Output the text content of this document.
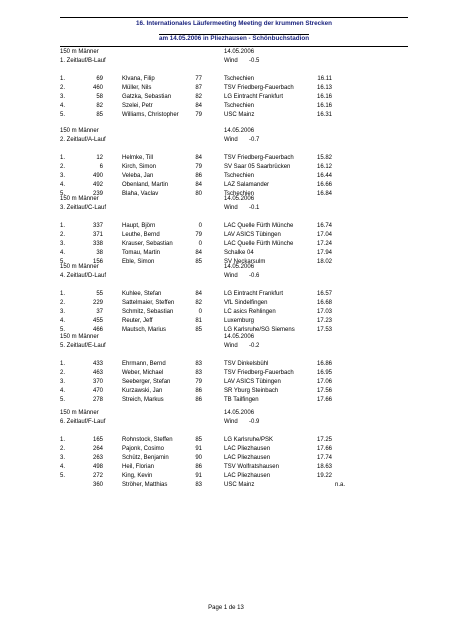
16. Internationales Läufermeeting Meeting der krummen Strecken
am 14.05.2006 in Pliezhausen - Schönbuchstadion
150 m Männer	14.05.2006
1. Zeitlauf/B-Lauf	Wind -0.5
1.	69	Klvana, Filip	77	Tschechien	16.11
2.	460	Müller, Nils	87	TSV Friedberg-Fauerbach	16.13
3.	58	Gatzka, Sebastian	82	LG Eintracht Frankfurt	16.16
4.	82	Szelei, Petr	84	Tschechien	16.16
5.	85	Williams, Christopher	79	USC Mainz	16.31
150 m Männer	14.05.2006
2. Zeitlauf/A-Lauf	Wind -0.7
1.	12	Helmke, Till	84	TSV Friedberg-Fauerbach	15.82
2.	6	Kirch, Simon	79	SV Saar 05 Saarbrücken	16.12
3.	490	Veleba, Jan	86	Tschechien	16.44
4.	492	Obenland, Martin	84	LAZ Salamander	16.66
5.	239	Blaha, Vaclav	80	Tschechien	16.84
150 m Männer	14.05.2006
3. Zeitlauf/C-Lauf	Wind -0.1
1.	337	Haupt, Björn	0	LAC Quelle Fürth Münche	16.74
2.	371	Leuthe, Bernd	79	LAV ASICS Tübingen	17.04
3.	338	Krauser, Sebastian	0	LAC Quelle Fürth Münche	17.24
4.	38	Tomau, Martin	84	Schalke 04	17.94
5.	156	Eble, Simon	85	SV Neckarsulm	18.02
150 m Männer	14.05.2006
4. Zeitlauf/D-Lauf	Wind -0.6
1.	55	Kuhlee, Stefan	84	LG Eintracht Frankfurt	16.57
2.	229	Sattelmaier, Steffen	82	VfL Sindelfingen	16.68
3.	37	Schmitz, Sebastian	0	LC asics Rehlingen	17.03
4.	455	Reuter, Jeff	81	Luxemburg	17.23
5.	466	Mautsch, Marius	85	LG Karlsruhe/SG Siemens	17.53
150 m Männer	14.05.2006
5. Zeitlauf/E-Lauf	Wind -0.2
1.	433	Ehrmann, Bernd	83	TSV Dinkelsbühl	16.86
2.	463	Weber, Michael	83	TSV Friedberg-Fauerbach	16.95
3.	370	Seeberger, Stefan	79	LAV ASICS Tübingen	17.06
4.	470	Kurzawski, Jan	86	SR Yburg Steinbach	17.56
5.	278	Streich, Markus	86	TB Tailfingen	17.66
150 m Männer	14.05.2006
6. Zeitlauf/F-Lauf	Wind -0.9
1.	165	Rohnstock, Steffen	85	LG Karlsruhe/PSK	17.25
2.	264	Pajonk, Cosimo	91	LAC Pliezhausen	17.66
3.	263	Schütz, Benjamin	90	LAC Pliezhausen	17.74
4.	498	Heil, Florian	86	TSV Wolfratshausen	18.63
5.	272	King, Kevin	91	LAC Pliezhausen	19.22
360	Ströher, Matthias	83	USC Mainz	n.a.
Page 1 de 13
